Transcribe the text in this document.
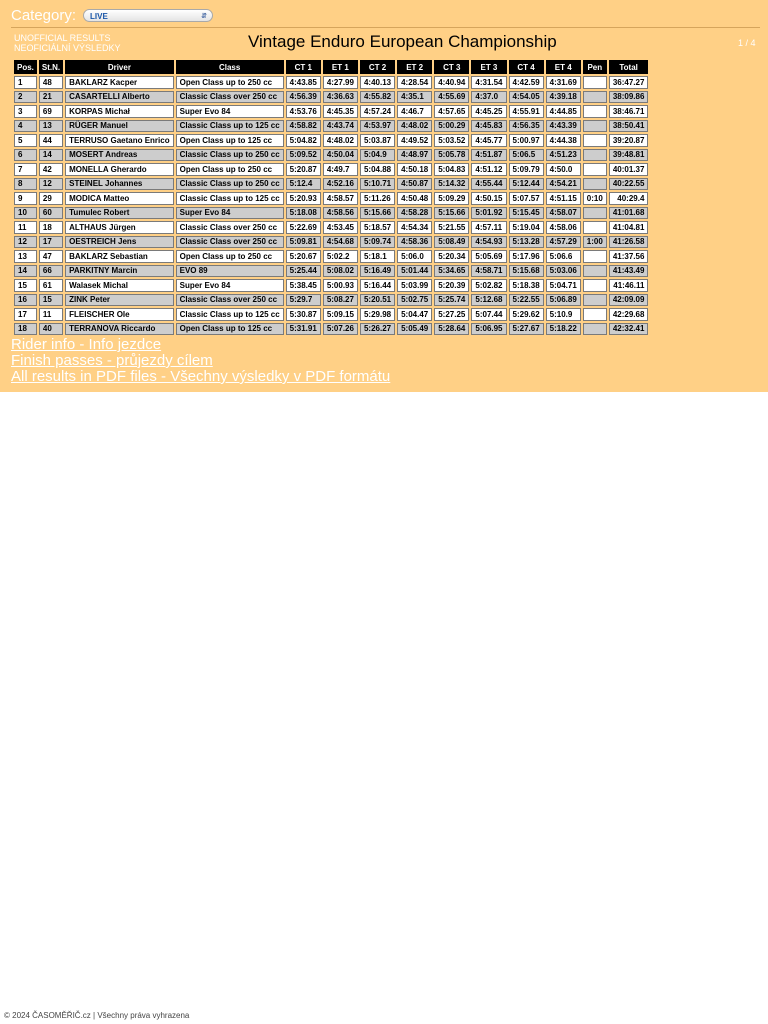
Category:	LIVE	⇵
UNOFFICIAL RESULTS
NEOFICIÁLNÍ VÝSLEDKY	Vintage Enduro European Championship	1 / 4
Pos.	St.N.	Driver	Class	CT 1	ET 1	CT 2	ET 2	CT 3	ET 3	CT 4	ET 4	Pen	Total
1	48	BAKLARZ Kacper	Open Class up to 250 cc	4:43.85	4:27.99	4:40.13	4:28.54	4:40.94	4:31.54	4:42.59	4:31.69		36:47.27
2	21	CASARTELLI Alberto	Classic Class over 250 cc	4:56.39	4:36.63	4:55.82	4:35.1	4:55.69	4:37.0	4:54.05	4:39.18		38:09.86
3	69	KORPAS Michał	Super Evo 84	4:53.76	4:45.35	4:57.24	4:46.7	4:57.65	4:45.25	4:55.91	4:44.85		38:46.71
4	13	RÜGER Manuel	Classic Class up to 125 cc	4:58.82	4:43.74	4:53.97	4:48.02	5:00.29	4:45.83	4:56.35	4:43.39		38:50.41
5	44	TERRUSO Gaetano Enrico	Open Class up to 125 cc	5:04.82	4:48.02	5:03.87	4:49.52	5:03.52	4:45.77	5:00.97	4:44.38		39:20.87
6	14	MOSERT Andreas	Classic Class up to 250 cc	5:09.52	4:50.04	5:04.9	4:48.97	5:05.78	4:51.87	5:06.5	4:51.23		39:48.81
7	42	MONELLA Gherardo	Open Class up to 250 cc	5:20.87	4:49.7	5:04.88	4:50.18	5:04.83	4:51.12	5:09.79	4:50.0		40:01.37
8	12	STEINEL Johannes	Classic Class up to 250 cc	5:12.4	4:52.16	5:10.71	4:50.87	5:14.32	4:55.44	5:12.44	4:54.21		40:22.55
9	29	MODICA Matteo	Classic Class up to 125 cc	5:20.93	4:58.57	5:11.26	4:50.48	5:09.29	4:50.15	5:07.57	4:51.15	0:10	40:29.4
10	60	Tumulec Robert	Super Evo 84	5:18.08	4:58.56	5:15.66	4:58.28	5:15.66	5:01.92	5:15.45	4:58.07		41:01.68
11	18	ALTHAUS Jürgen	Classic Class over 250 cc	5:22.69	4:53.45	5:18.57	4:54.34	5:21.55	4:57.11	5:19.04	4:58.06		41:04.81
12	17	OESTREICH Jens	Classic Class over 250 cc	5:09.81	4:54.68	5:09.74	4:58.36	5:08.49	4:54.93	5:13.28	4:57.29	1:00	41:26.58
13	47	BAKLARZ Sebastian	Open Class up to 250 cc	5:20.67	5:02.2	5:18.1	5:06.0	5:20.34	5:05.69	5:17.96	5:06.6		41:37.56
14	66	PARKITNY Marcin	EVO 89	5:25.44	5:08.02	5:16.49	5:01.44	5:34.65	4:58.71	5:15.68	5:03.06		41:43.49
15	61	Walasek Michal	Super Evo 84	5:38.45	5:00.93	5:16.44	5:03.99	5:20.39	5:02.82	5:18.38	5:04.71		41:46.11
16	15	ZINK Peter	Classic Class over 250 cc	5:29.7	5:08.27	5:20.51	5:02.75	5:25.74	5:12.68	5:22.55	5:06.89		42:09.09
17	11	FLEISCHER Ole	Classic Class up to 125 cc	5:30.87	5:09.15	5:29.98	5:04.47	5:27.25	5:07.44	5:29.62	5:10.9		42:29.68
18	40	TERRANOVA Riccardo	Open Class up to 125 cc	5:31.91	5:07.26	5:26.27	5:05.49	5:28.64	5:06.95	5:27.67	5:18.22		42:32.41
Rider info - Info jezdce
Finish passes - průjezdy cílem
All results in PDF files - Všechny výsledky v PDF formátu
© 2024 ČASOMĚŘIČ.cz | Všechny práva vyhrazena
